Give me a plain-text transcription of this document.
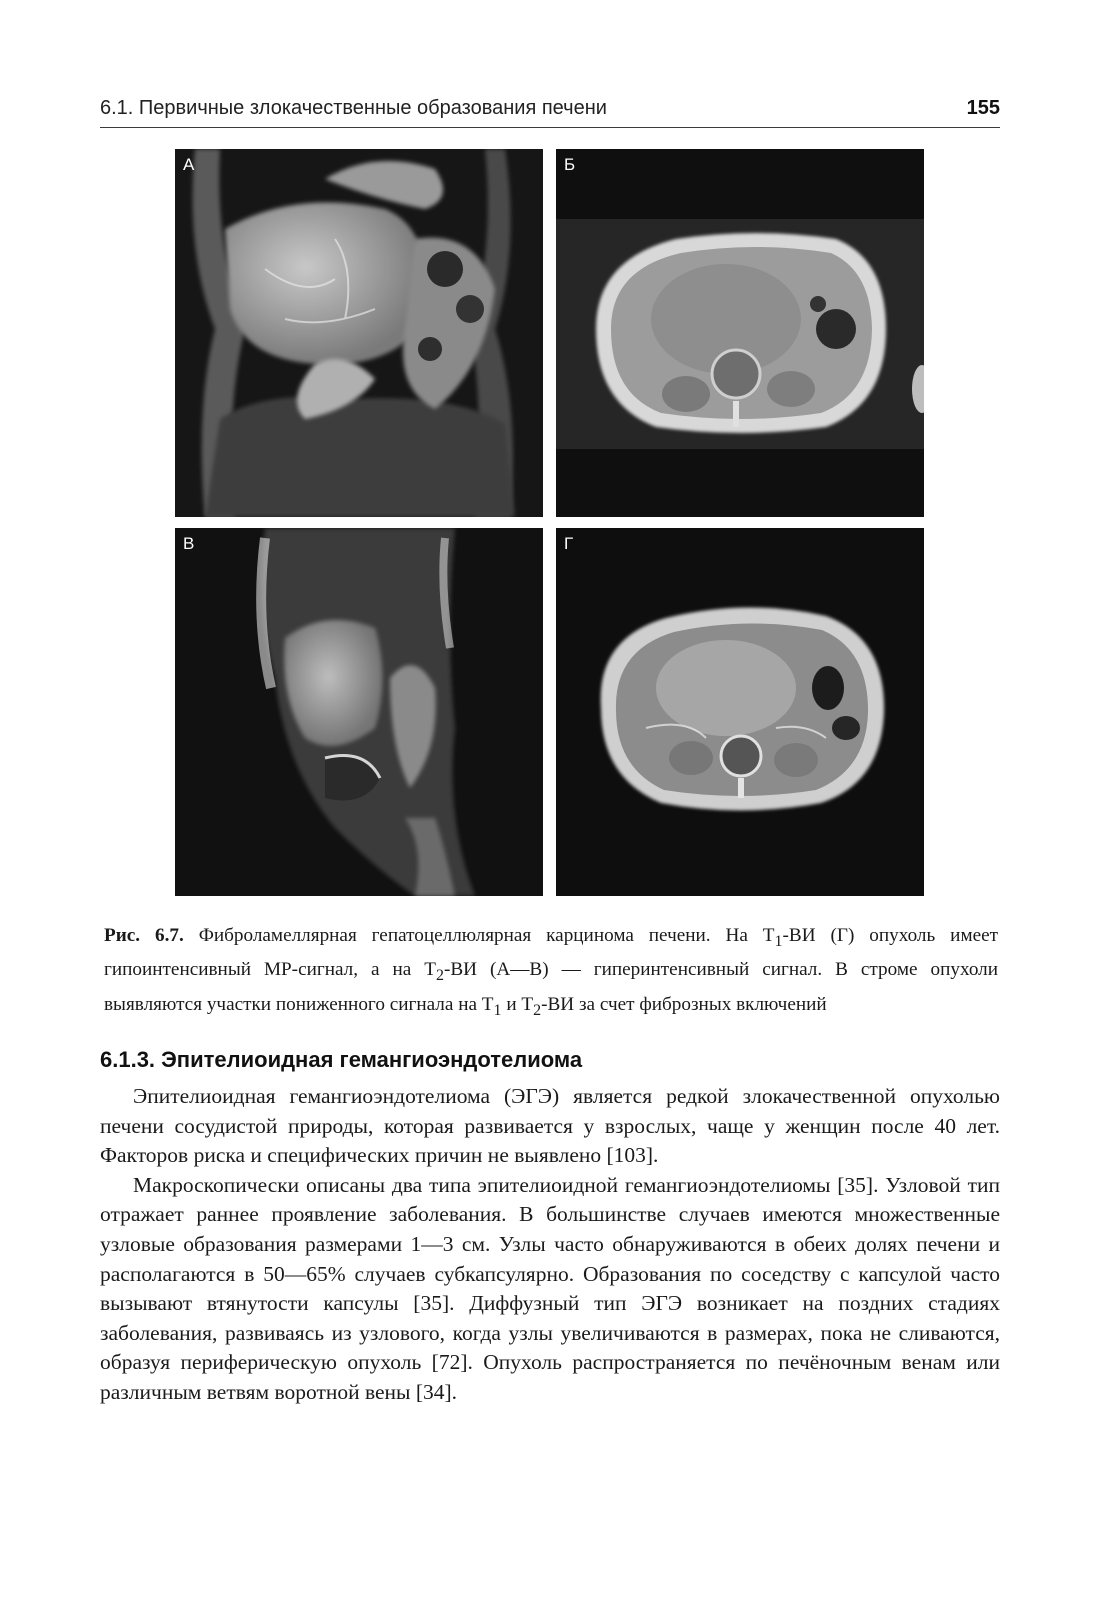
6.1. Первичные злокачественные образования печени	155
А	Б
В	Г
Рис. 6.7. Фиброламеллярная гепатоцеллюлярная карцинома печени. На $Т_1-ВИ$ (Г) опухоль имеет гипоинтенсивный МР-сигнал, а на $Т_2-ВИ$ (А—В) — гиперинтенсивный сигнал. В строме опухоли выявляются участки пониженного сигнала на $Т_1$ и $Т_2-ВИ$ за счет фиброзных включений
6.1.3. Эпителиоидная гемангиоэндотелиома

Эпителиоидная гемангиоэндотелиома (ЭГЭ) является редкой злокачественной опухолью печени сосудистой природы, которая развивается у взрослых, чаще у женщин после 40 лет. Факторов риска и специфических причин не выявлено [103].

Макроскопически описаны два типа эпителиоидной гемангиоэндотелиомы [35]. Узловой тип отражает раннее проявление заболевания. В большинстве случаев имеются множественные узловые образования размерами 1—3 см. Узлы часто обнаруживаются в обеих долях печени и располагаются в 50—65% случаев субкапсулярно. Образования по соседству с капсулой часто вызывают втянутости капсулы [35]. Диффузный тип ЭГЭ возникает на поздних стадиях заболевания, развиваясь из узлового, когда узлы увеличиваются в размерах, пока не сливаются, образуя периферическую опухоль [72]. Опухоль распространяется по печёночным венам или различным ветвям воротной вены [34].
